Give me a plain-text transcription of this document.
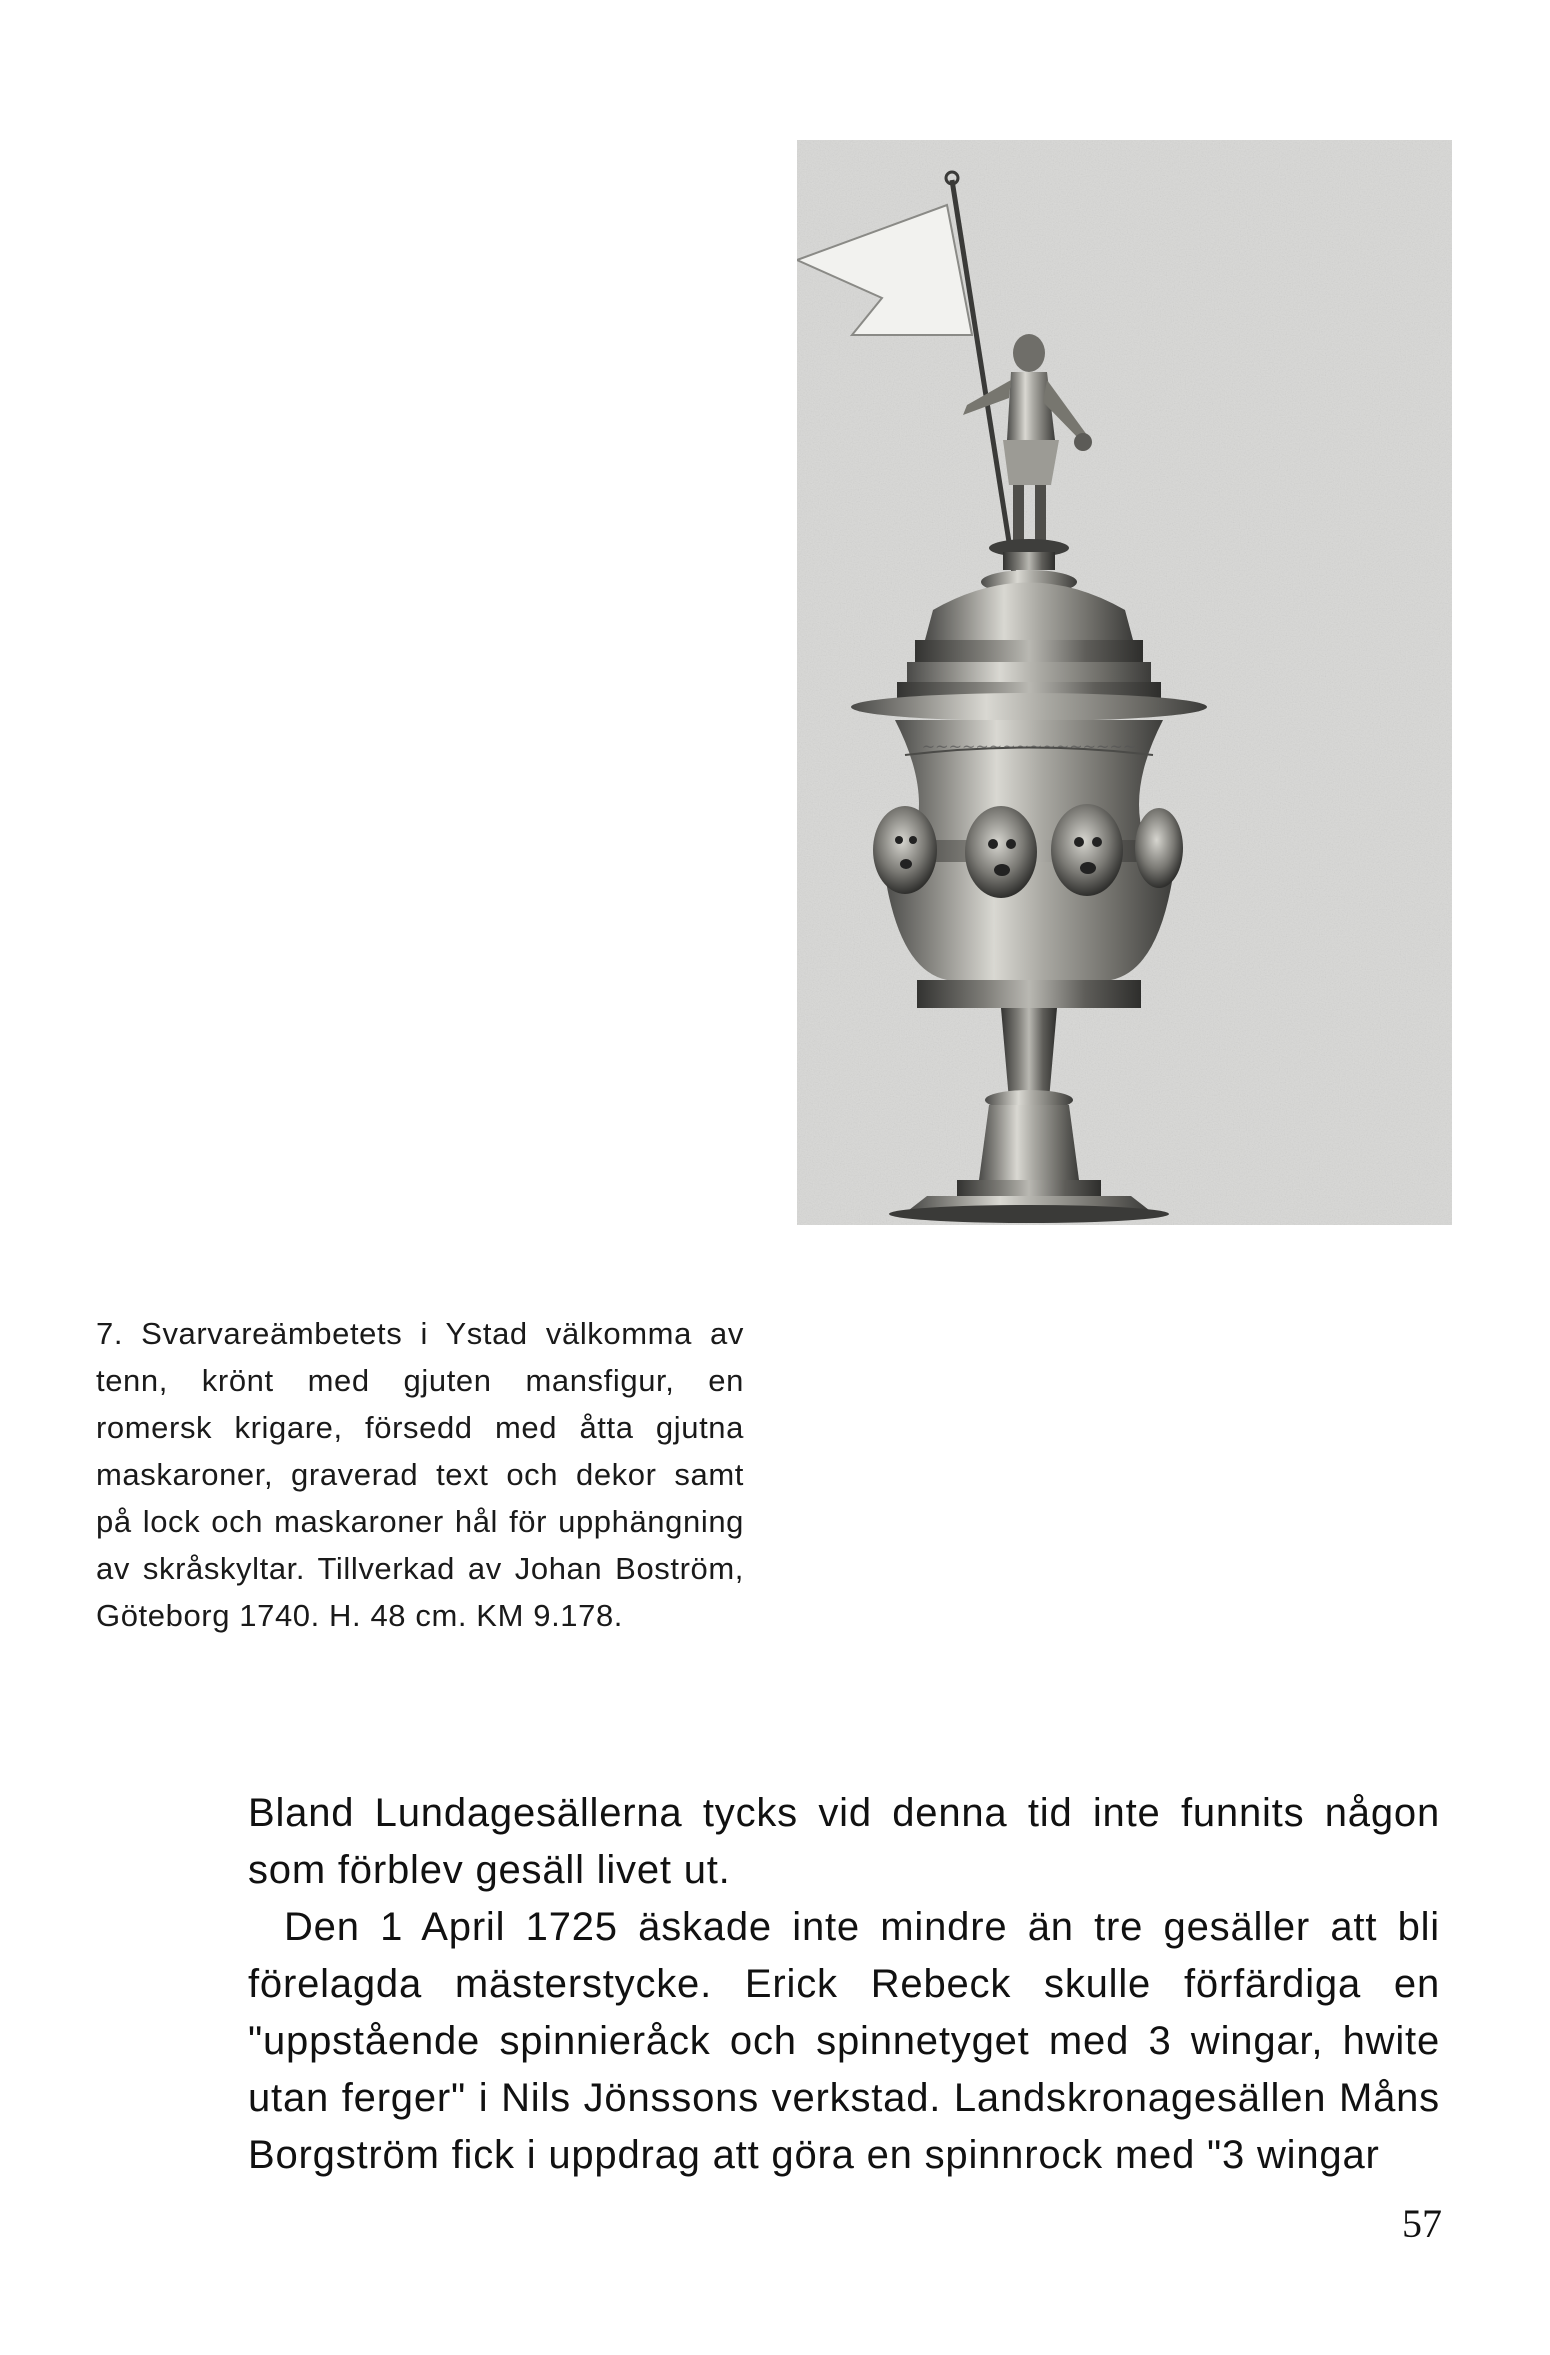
~~~~~~~~~~~~~~~~

7. Svarvareämbetets i Ystad välkomma av tenn, krönt med gjuten mansfigur, en romersk krigare, försedd med åtta gjutna maskaroner, graverad text och dekor samt på lock och maskaroner hål för upphängning av skråskyltar. Tillverkad av Johan Boström, Göteborg 1740. H. 48 cm. KM 9.178.

Bland Lundagesällerna tycks vid denna tid inte funnits någon som förblev gesäll livet ut.

Den 1 April 1725 äskade inte mindre än tre gesäller att bli förelagda mästerstycke. Erick Rebeck skulle förfärdiga en "uppstående spinnieråck och spinnetyget med 3 wingar, hwite utan ferger" i Nils Jönssons verkstad. Landskronagesällen Måns Borgström fick i uppdrag att göra en spinnrock med "3 wingar

57
